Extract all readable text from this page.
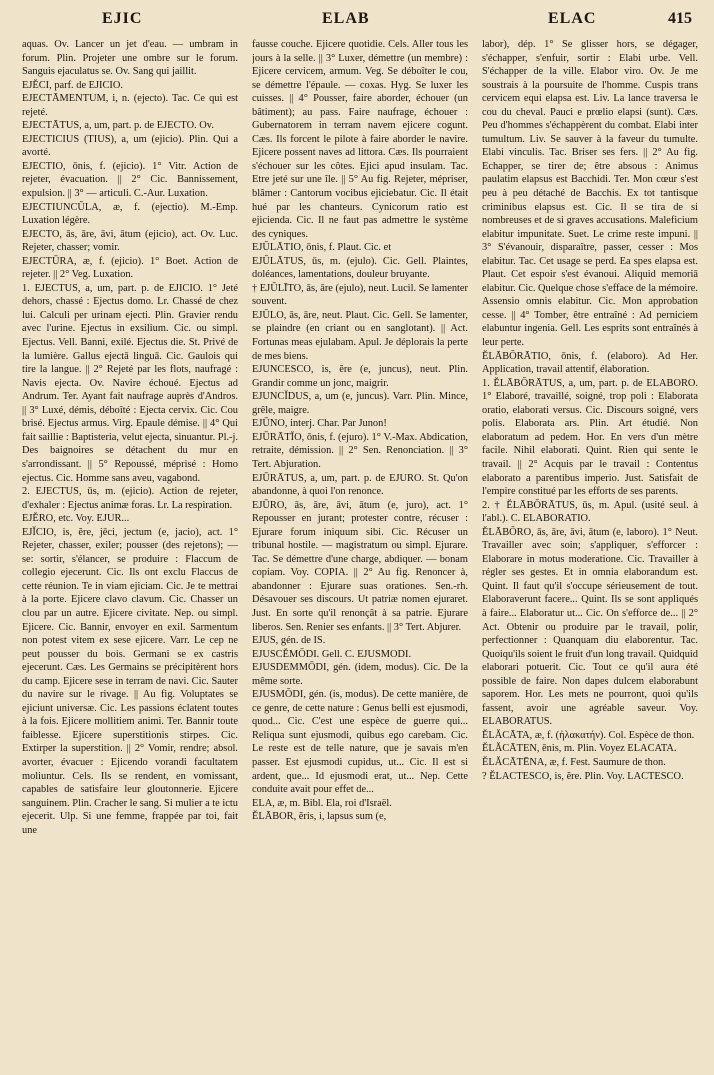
EJIC	ELAB	ELAC	415

aquas. Ov. Lancer un jet d'eau. — umbram in forum. Plin. Projeter une ombre sur le forum. Sanguis ejaculatus se. Ov. Sang qui jaillit.

EJĔCI, parf. de EJICIO.

EJECTĀMENTUM, i, n. (ejecto). Tac. Ce qui est rejeté.

EJECTĀTUS, a, um, part. p. de EJECTO. Ov.

EJECTICIUS (TIUS), a, um (ejicio). Plin. Qui a avorté.

EJECTIO, ōnis, f. (ejicio). 1° Vitr. Action de rejeter, évacuation. || 2° Cic. Bannissement, expulsion. || 3° — articuli. C.-Aur. Luxation.

EJECTIUNCŬLA, æ, f. (ejectio). M.-Emp. Luxation légère.

EJECTO, ās, āre, āvi, ātum (ejicio), act. Ov. Luc. Rejeter, chasser; vomir.

EJECTŪRA, æ, f. (ejicio). 1° Boet. Action de rejeter. || 2° Veg. Luxation.

1. EJECTUS, a, um, part. p. de EJICIO. 1° Jeté dehors, chassé : Ejectus domo. Lr. Chassé de chez lui. Calculi per urinam ejecti. Plin. Gravier rendu avec l'urine. Ejectus in exsilium. Cic. ou simpl. Ejectus. Vell. Banni, exilé. Ejectus die. St. Privé de la lumière. Gallus ejectā linguā. Cic. Gaulois qui tire la langue. || 2° Rejeté par les flots, naufragé : Navis ejecta. Ov. Navire échoué. Ejectus ad Andrum. Ter. Ayant fait naufrage auprès d'Andros. || 3° Luxé, démis, déboîté : Ejecta cervix. Cic. Cou brisé. Ejectus armus. Virg. Epaule démise. || 4° Qui fait saillie : Baptisteria, velut ejecta, sinuantur. Pl.-j. Des baignoires se détachent du mur en s'arrondissant. || 5° Repoussé, méprisé : Homo ejectus. Cic. Homme sans aveu, vagabond.

2. EJECTUS, ūs, m. (ejicio). Action de rejeter, d'exhaler : Ejectus animæ foras. Lr. La respiration.

EJĔRO, etc. Voy. EJUR...

EJĬCIO, is, ĕre, jēci, jectum (e, jacio), act. 1° Rejeter, chasser, exiler; pousser (des rejetons); — se: sortir, s'élancer, se produire : Flaccum de collegio ejecerunt. Cic. Ils ont exclu Flaccus de cette réunion. Te in viam ejiciam. Cic. Je te mettrai à la porte. Ejicere clavo clavum. Cic. Chasser un clou par un autre. Ejicere civitate. Nep. ou simpl. Ejicere. Cic. Bannir, envoyer en exil. Sarmentum non potest vitem ex sese ejicere. Varr. Le cep ne peut pousser du bois. Germani se ex castris ejecerunt. Cæs. Les Germains se précipitèrent hors du camp. Ejicere sese in terram de navi. Cic. Sauter du navire sur le rivage. || Au fig. Voluptates se ejiciunt universæ. Cic. Les passions éclatent toutes à la fois. Ejicere mollitiem animi. Ter. Bannir toute faiblesse. Ejicere superstitionis stirpes. Cic. Extirper la superstition. || 2° Vomir, rendre; absol. avorter, évacuer : Ejicendo vorandi facultatem moliuntur. Cels. Ils se rendent, en vomissant, capables de satisfaire leur gloutonnerie. Ejicere sanguinem. Plin. Cracher le sang. Si mulier a te ictu ejecerit. Ulp. Si une femme, frappée par toi, fait une

fausse couche. Ejicere quotidie. Cels. Aller tous les jours à la selle. || 3° Luxer, démettre (un membre) : Ejicere cervicem, armum. Veg. Se déboîter le cou, se démettre l'épaule. — coxas. Hyg. Se luxer les cuisses. || 4° Pousser, faire aborder, échouer (un bâtiment); au pass. Faire naufrage, échouer : Gubernatorem in terram navem ejicere cogunt. Cæs. Ils forcent le pilote à faire aborder le navire. Ejicere possent naves ad littora. Cæs. Ils pourraient s'échouer sur les côtes. Ejici apud insulam. Tac. Etre jeté sur une île. || 5° Au fig. Rejeter, mépriser, blâmer : Cantorum vocibus ejiciebatur. Cic. Il était hué par les chanteurs. Cynicorum ratio est ejicienda. Cic. Il ne faut pas admettre le système des cyniques.

EJŬLĀTIO, ōnis, f. Plaut. Cic. et

EJŬLĀTUS, ūs, m. (ejulo). Cic. Gell. Plaintes, doléances, lamentations, douleur bruyante.

† EJŬLĪTO, ās, āre (ejulo), neut. Lucil. Se lamenter souvent.

EJŬLO, ās, āre, neut. Plaut. Cic. Gell. Se lamenter, se plaindre (en criant ou en sanglotant). || Act. Fortunas meas ejulabam. Apul. Je déplorais la perte de mes biens.

EJUNCESCO, is, ĕre (e, juncus), neut. Plin. Grandir comme un jonc, maigrir.

EJUNCĬDUS, a, um (e, juncus). Varr. Plin. Mince, grêle, maigre.

EJŪNO, interj. Char. Par Junon!

EJŪRĀTĬO, ōnis, f. (ejuro). 1° V.-Max. Abdication, retraite, démission. || 2° Sen. Renonciation. || 3° Tert. Abjuration.

EJŪRĀTUS, a, um, part. p. de EJURO. St. Qu'on abandonne, à quoi l'on renonce.

EJŪRO, ās, āre, āvi, ātum (e, juro), act. 1° Repousser en jurant; protester contre, récuser : Ejurare forum iniquum sibi. Cic. Récuser un tribunal hostile. — magistratum ou simpl. Ejurare. Tac. Se démettre d'une charge, abdiquer. — bonam copiam. Voy. COPIA. || 2° Au fig. Renoncer à, abandonner : Ejurare suas orationes. Sen.-rh. Désavouer ses discours. Ut patriæ nomen ejuraret. Just. En sorte qu'il renonçât à sa patrie. Ejurare liberos. Sen. Renier ses enfants. || 3° Tert. Abjurer.

EJUS, gén. de IS.

EJUSCĔMŎDI. Gell. C. EJUSMODI.

EJUSDEMMŌDI, gén. (idem, modus). Cic. De la même sorte.

EJUSMŎDI, gén. (is, modus). De cette manière, de ce genre, de cette nature : Genus belli est ejusmodi, quod... Cic. C'est une espèce de guerre qui... Reliqua sunt ejusmodi, quibus ego carebam. Cic. Le reste est de telle nature, que je savais m'en passer. Est ejusmodi cupidus, ut... Cic. Il est si ardent, que... Id ejusmodi erat, ut... Nep. Cette conduite avait pour effet de...

ELA, æ, m. Bibl. Ela, roi d'Israël.

ĔLĀBOR, ĕris, i, lapsus sum (e,

labor), dép. 1° Se glisser hors, se dégager, s'échapper, s'enfuir, sortir : Elabi urbe. Vell. S'échapper de la ville. Elabor viro. Ov. Je me soustrais à la poursuite de l'homme. Cuspis trans cervicem equi elapsa est. Liv. La lance traversa le cou du cheval. Pauci e prœlio elapsi (sunt). Cæs. Peu d'hommes s'échappèrent du combat. Elabi inter tumultum. Liv. Se sauver à la faveur du tumulte. Elabi vinculis. Tac. Briser ses fers. || 2° Au fig. Echapper, se tirer de; être absous : Animus paulatim elapsus est Bacchidi. Ter. Mon cœur s'est peu à peu détaché de Bacchis. Ex tot tantisque criminibus elapsus est. Cic. Il se tira de si nombreuses et de si graves accusations. Maleficium elabitur impunitate. Suet. Le crime reste impuni. || 3° S'évanouir, disparaître, passer, cesser : Mos elabitur. Tac. Cet usage se perd. Ea spes elapsa est. Plaut. Cet espoir s'est évanoui. Aliquid memoriā elabitur. Cic. Quelque chose s'efface de la mémoire. Assensio omnis elabitur. Cic. Mon approbation cesse. || 4° Tomber, être entraîné : Ad perniciem elabuntur ingenia. Gell. Les esprits sont entraînés à leur perte.

ĔLĀBŎRĀTIO, ōnis, f. (elaboro). Ad Her. Application, travail attentif, élaboration.

1. ĔLĀBŎRĀTUS, a, um, part. p. de ELABORO. 1° Elaboré, travaillé, soigné, trop poli : Elaborata oratio, elaborati versus. Cic. Discours soigné, vers polis. Elaborata ars. Plin. Art étudié. Non elaboratum ad pedem. Hor. En vers d'un mètre facile. Nihil elaborati. Quint. Rien qui sente le travail. || 2° Acquis par le travail : Contentus elaborato a parentibus imperio. Just. Satisfait de l'empire constitué par les efforts de ses parents.

2. † ĔLĀBŎRĀTUS, ūs, m. Apul. (usité seul. à l'abl.). C. ELABORATIO.

ĔLĀBŎRO, ās, āre, āvi, ātum (e, laboro). 1° Neut. Travailler avec soin; s'appliquer, s'efforcer : Elaborare in motus moderatione. Cic. Travailler à régler ses gestes. Et in omnia elaborandum est. Quint. Il faut qu'il s'occupe sérieusement de tout. Elaboraverunt facere... Quint. Ils se sont appliqués à faire... Elaboratur ut... Cic. On s'efforce de... || 2° Act. Obtenir ou produire par le travail, polir, perfectionner : Quanquam diu elaborentur. Tac. Quoiqu'ils soient le fruit d'un long travail. Quidquid elaborari potuerit. Cic. Tout ce qu'il aura été possible de faire. Non dapes dulcem elaborabunt saporem. Hor. Les mets ne pourront, quoi qu'ils fassent, avoir une agréable saveur. Voy. ELABORATUS.

ĔLĂCĀTA, æ, f. (ἠλακατήν). Col. Espèce de thon.

ĔLĂCĀTEN, ēnis, m. Plin. Voyez ELACATA.

ĔLĂCĀTĒNA, æ, f. Fest. Saumure de thon.

? ĔLACTESCO, is, ĕre. Plin. Voy. LACTESCO.
